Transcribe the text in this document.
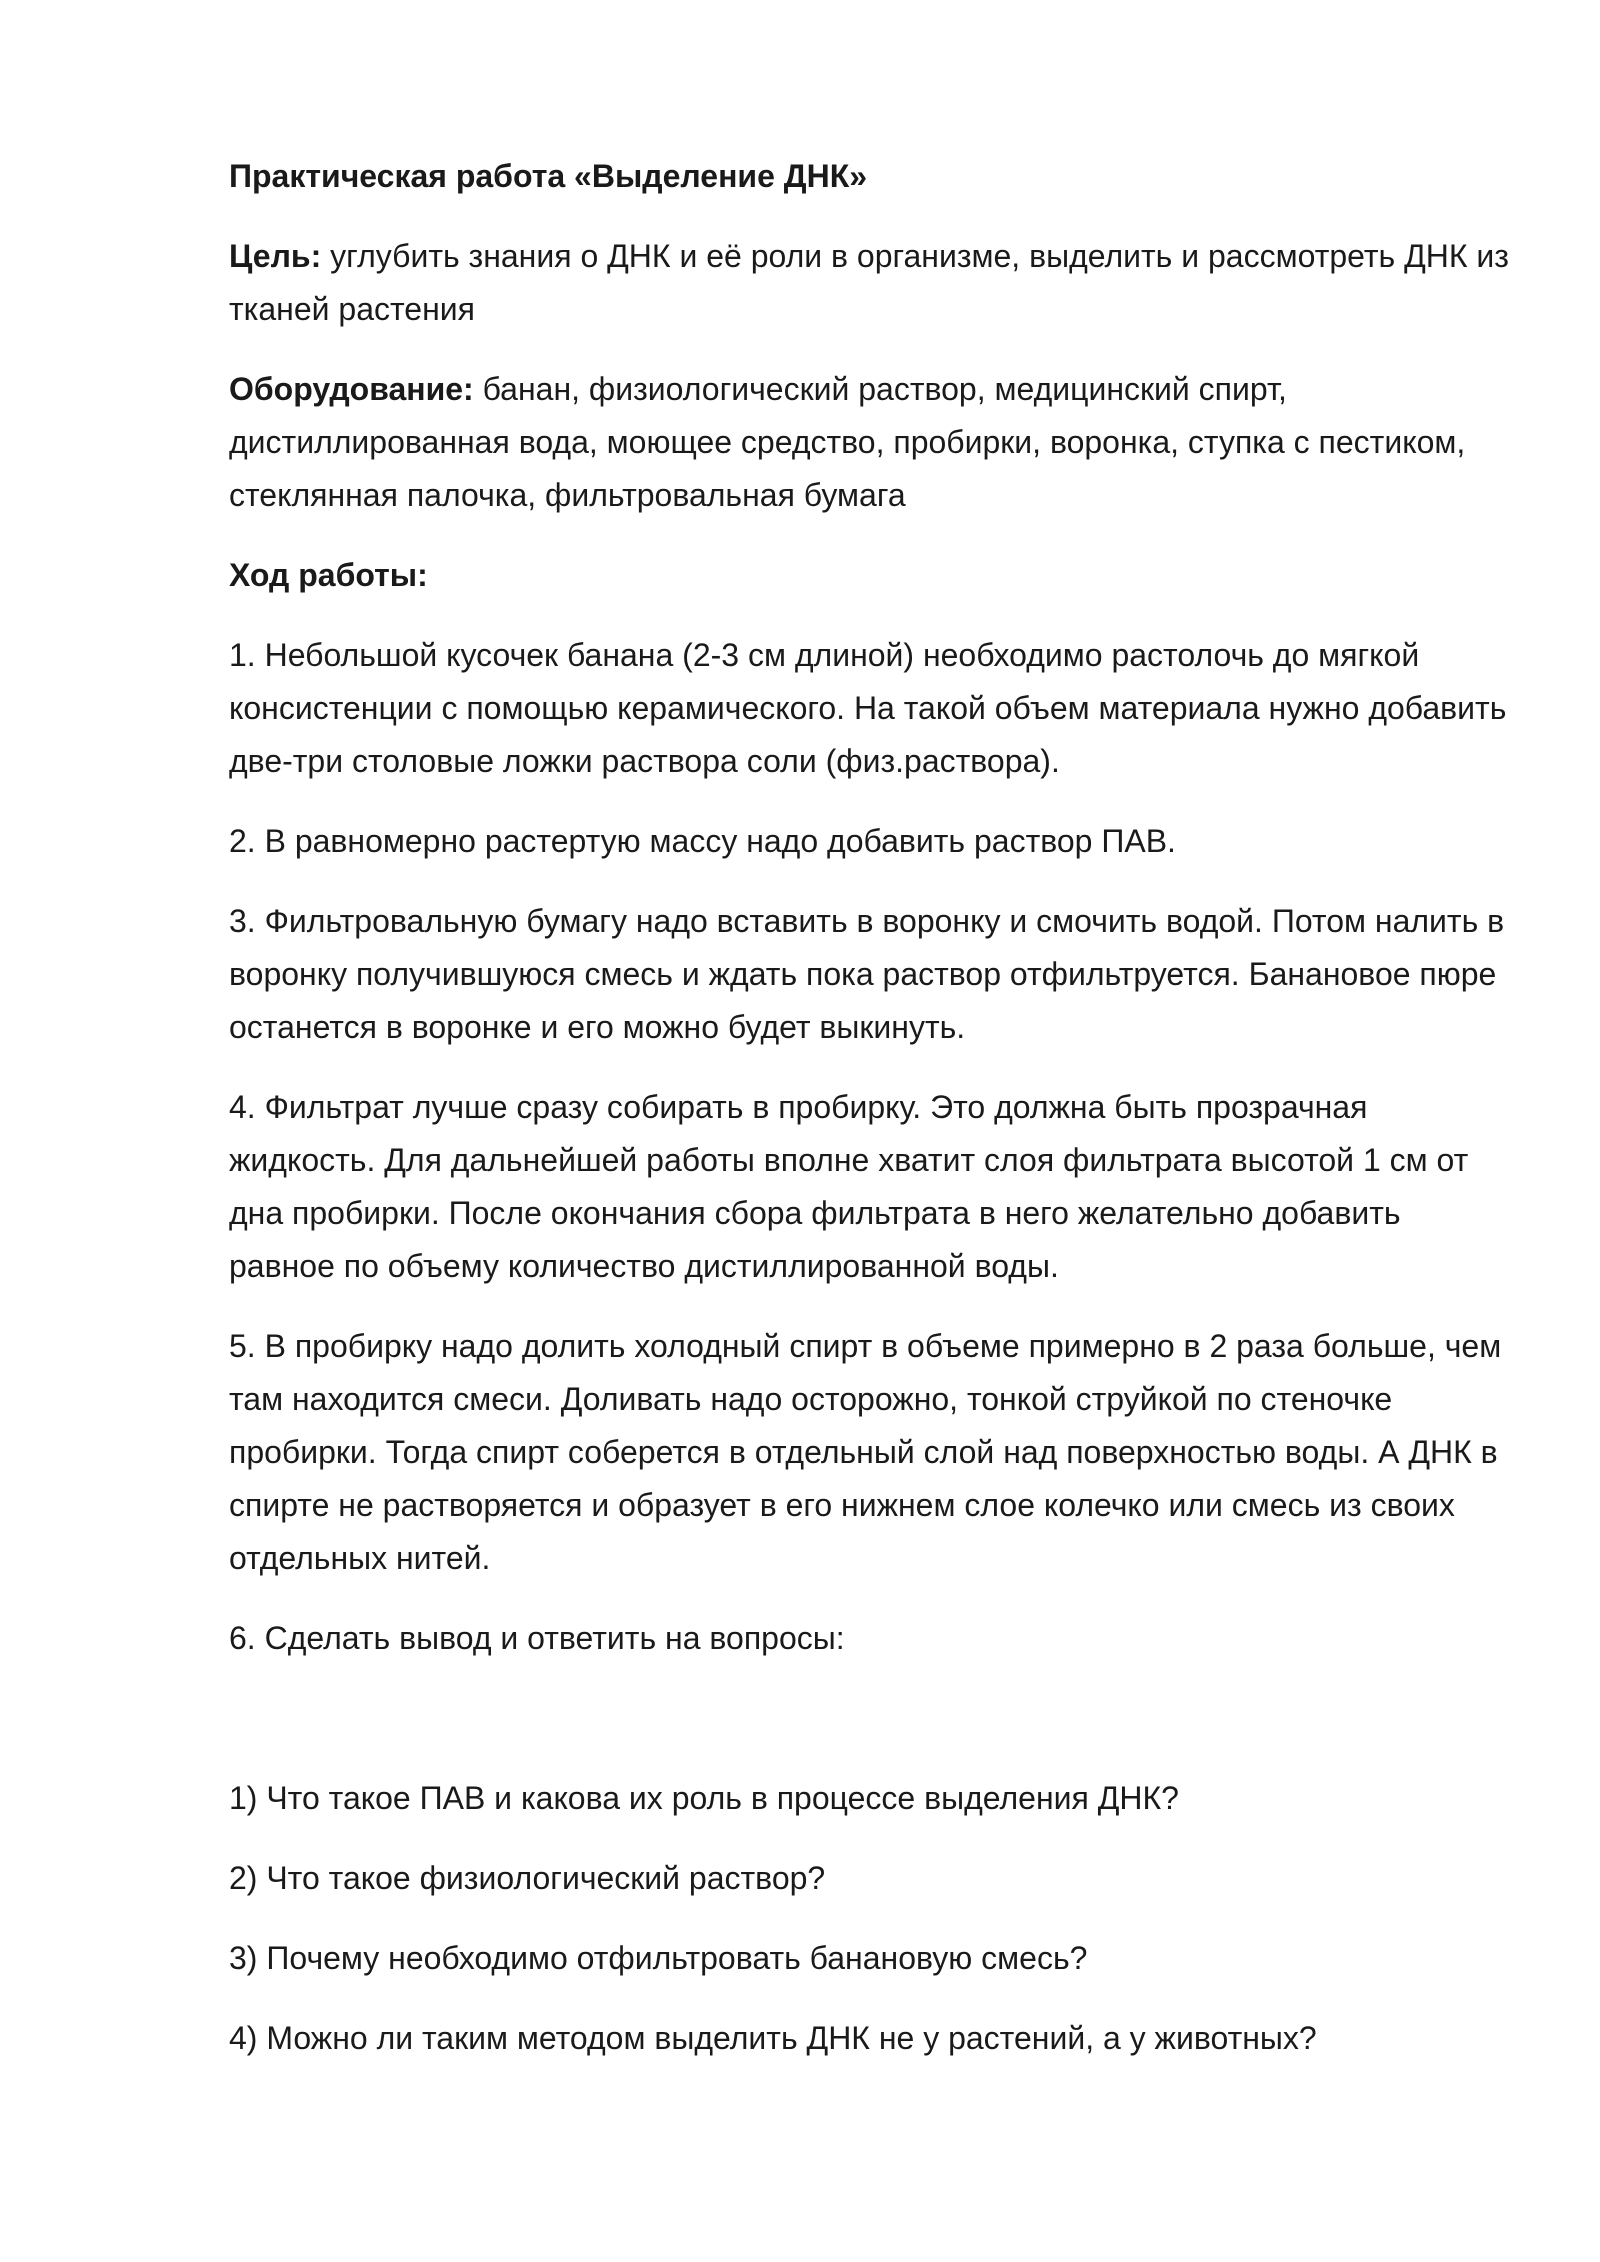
Практическая работа «Выделение ДНК»

Цель: углубить знания о ДНК и её роли в организме, выделить и рассмотреть ДНК из тканей растения

Оборудование: банан, физиологический раствор, медицинский спирт, дистиллированная вода, моющее средство, пробирки, воронка, ступка с пестиком, стеклянная палочка, фильтровальная бумага

Ход работы:

1. Небольшой кусочек банана (2-3 см длиной) необходимо растолочь до мягкой консистенции с помощью керамического. На такой объем материала нужно добавить две-три столовые ложки раствора соли (физ.раствора).

2. В равномерно растертую массу надо добавить раствор ПАВ.

3. Фильтровальную бумагу надо вставить в воронку и смочить водой. Потом налить в воронку получившуюся смесь и ждать пока раствор отфильтруется. Банановое пюре останется в воронке и его можно будет выкинуть.

4. Фильтрат лучше сразу собирать в пробирку. Это должна быть прозрачная жидкость. Для дальнейшей работы вполне хватит слоя фильтрата высотой 1 см от дна пробирки. После окончания сбора фильтрата в него желательно добавить равное по объему количество дистиллированной воды.

5. В пробирку надо долить холодный спирт в объеме примерно в 2 раза больше, чем там находится смеси. Доливать надо осторожно, тонкой струйкой по стеночке пробирки. Тогда спирт соберется в отдельный слой над поверхностью воды. А ДНК в спирте не растворяется и образует в его нижнем слое колечко или смесь из своих отдельных нитей.

6. Сделать вывод и ответить на вопросы:

1) Что такое ПАВ и какова их роль в процессе выделения ДНК?

2) Что такое физиологический раствор?

3) Почему необходимо отфильтровать банановую смесь?

4) Можно ли таким методом выделить ДНК не у растений, а у животных?
